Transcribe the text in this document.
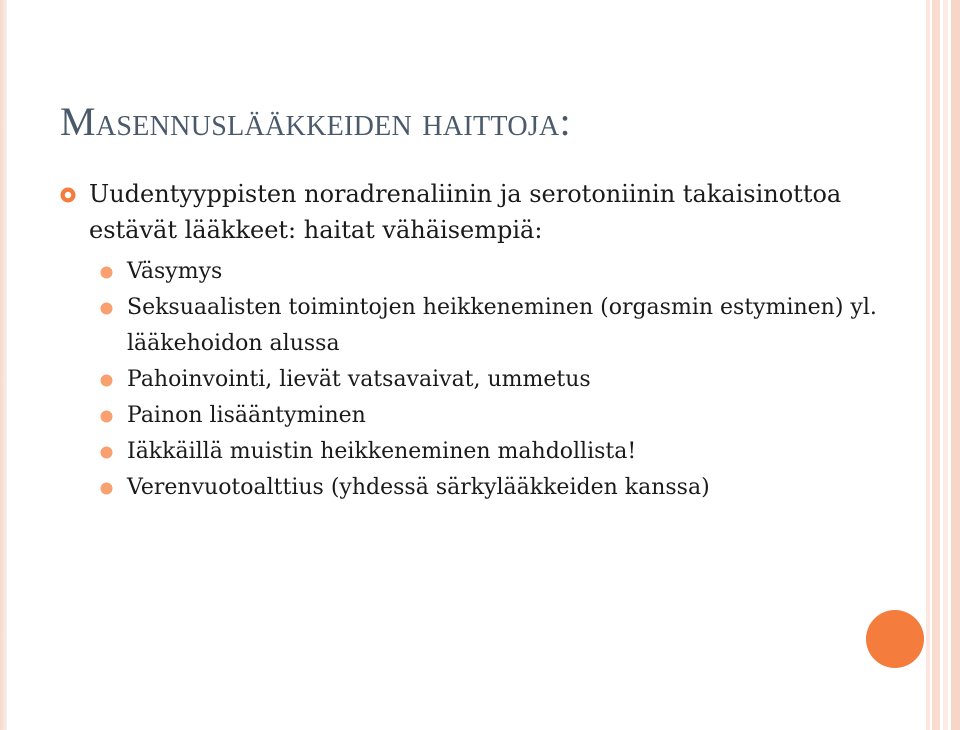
Masennuslääkkeiden haittoja:
Uudentyyppisten noradrenaliinin ja serotoniinin takaisinottoa estävät lääkkeet: haitat vähäisempiä:
Väsymys
Seksuaalisten toimintojen heikkeneminen (orgasmin estyminen) yl. lääkehoidon alussa
Pahoinvointi, lievät vatsavaivat, ummetus
Painon lisääntyminen
Iäkkäillä muistin heikkeneminen mahdollista!
Verenvuotoalttius (yhdessä särkylääkkeiden kanssa)
